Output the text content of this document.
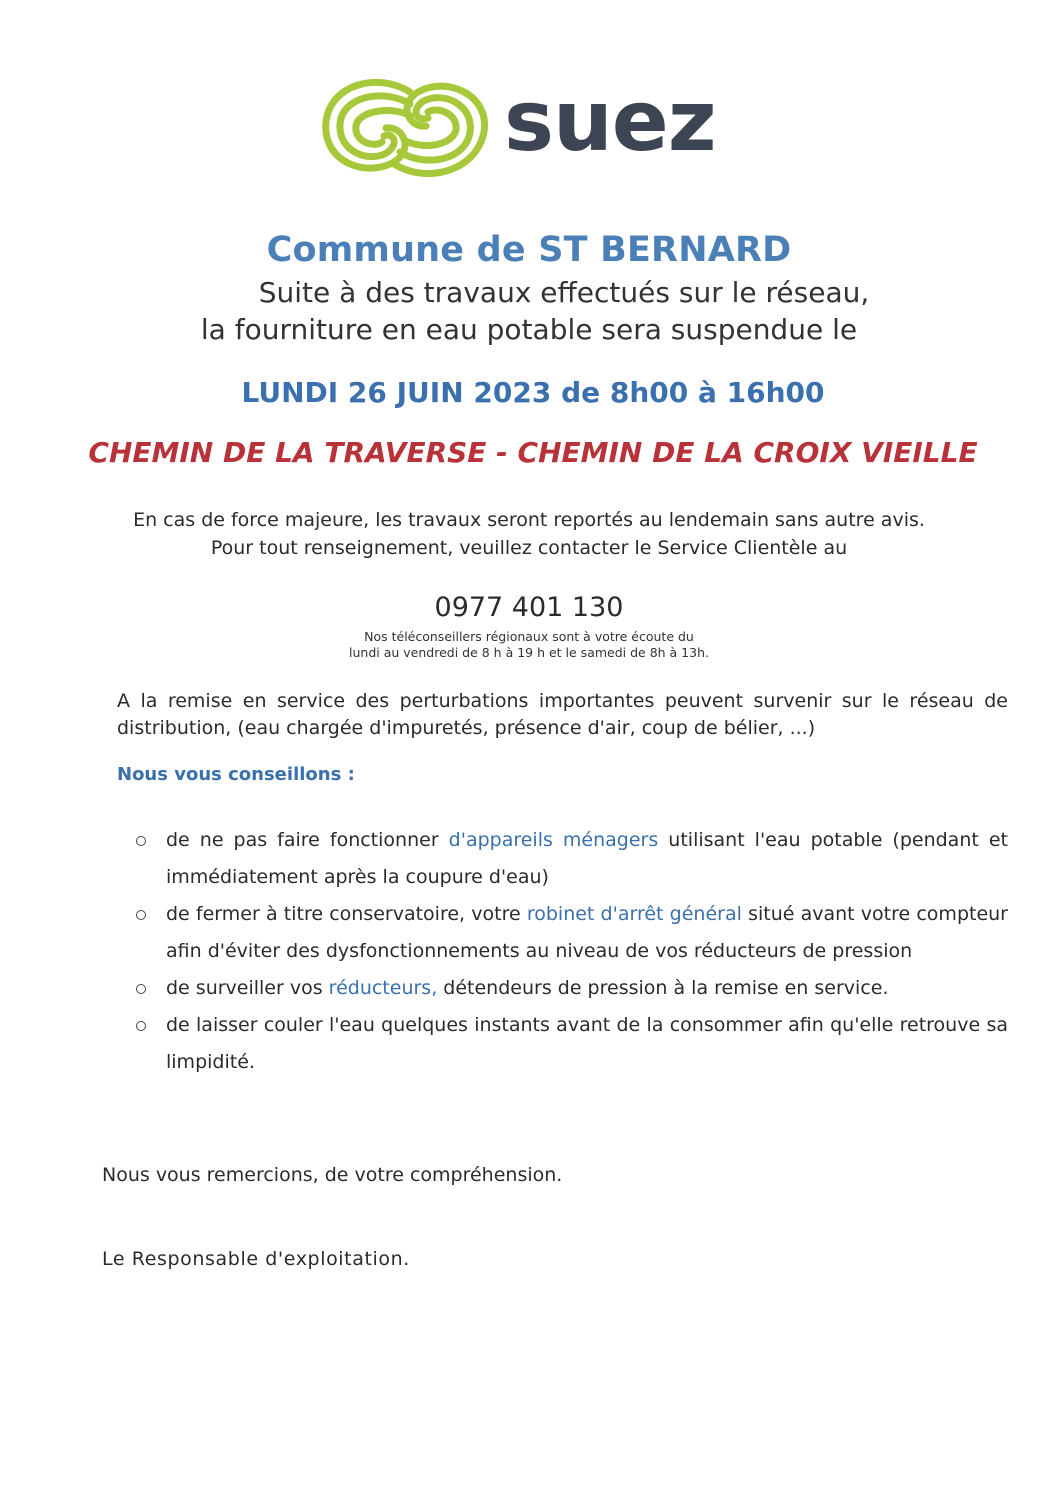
suez
Commune de ST BERNARD
Suite à des travaux effectués sur le réseau,
la fourniture en eau potable sera suspendue le
LUNDI 26 JUIN 2023 de 8h00 à 16h00
CHEMIN DE LA TRAVERSE - CHEMIN DE LA CROIX VIEILLE
En cas de force majeure, les travaux seront reportés au lendemain sans autre avis.
Pour tout renseignement, veuillez contacter le Service Clientèle au
0977 401 130
Nos téléconseillers régionaux sont à votre écoute du
lundi au vendredi de 8 h à 19 h et le samedi de 8h à 13h.
A la remise en service des perturbations importantes peuvent survenir sur le réseau de distribution, (eau chargée d'impuretés, présence d'air, coup de bélier, ...)
Nous vous conseillons :
de ne pas faire fonctionner d'appareils ménagers utilisant l'eau potable (pendant et immédiatement après la coupure d'eau)
de fermer à titre conservatoire, votre robinet d'arrêt général situé avant votre compteur afin d'éviter des dysfonctionnements au niveau de vos réducteurs de pression
de surveiller vos réducteurs, détendeurs de pression à la remise en service.
de laisser couler l'eau quelques instants avant de la consommer afin qu'elle retrouve sa limpidité.
Nous vous remercions, de votre compréhension.
Le Responsable d'exploitation.
